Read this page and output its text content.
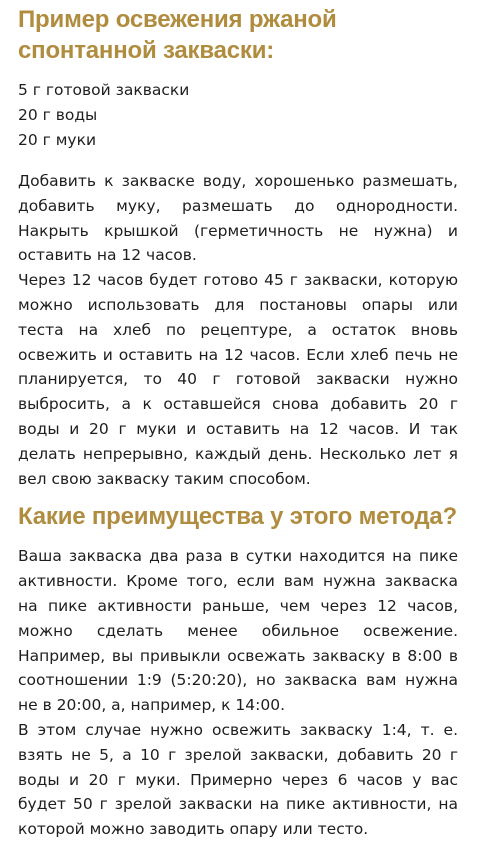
Пример освежения ржаной спонтанной закваски:
5 г готовой закваски
20 г воды
20 г муки

Добавить к закваске воду, хорошенько размешать, добавить муку, размешать до однородности. Накрыть крышкой (герметичность не нужна) и оставить на 12 часов.

Через 12 часов будет готово 45 г закваски, которую можно использовать для постановы опары или теста на хлеб по рецептуре, а остаток вновь освежить и оставить на 12 часов. Если хлеб печь не планируется, то 40 г готовой закваски нужно выбросить, а к оставшейся снова добавить 20 г воды и 20 г муки и оставить на 12 часов. И так делать непрерывно, каждый день. Несколько лет я вел свою закваску таким способом.

Какие преимущества у этого метода?

Ваша закваска два раза в сутки находится на пике активности. Кроме того, если вам нужна закваска на пике активности раньше, чем через 12 часов, можно сделать менее обильное освежение. Например, вы привыкли освежать закваску в 8:00 в соотношении 1:9 (5:20:20), но закваска вам нужна не в 20:00, а, например, к 14:00.

В этом случае нужно освежить закваску 1:4, т. е. взять не 5, а 10 г зрелой закваски, добавить 20 г воды и 20 г муки. Примерно через 6 часов у вас будет 50 г зрелой закваски на пике активности, на которой можно заводить опару или тесто.
